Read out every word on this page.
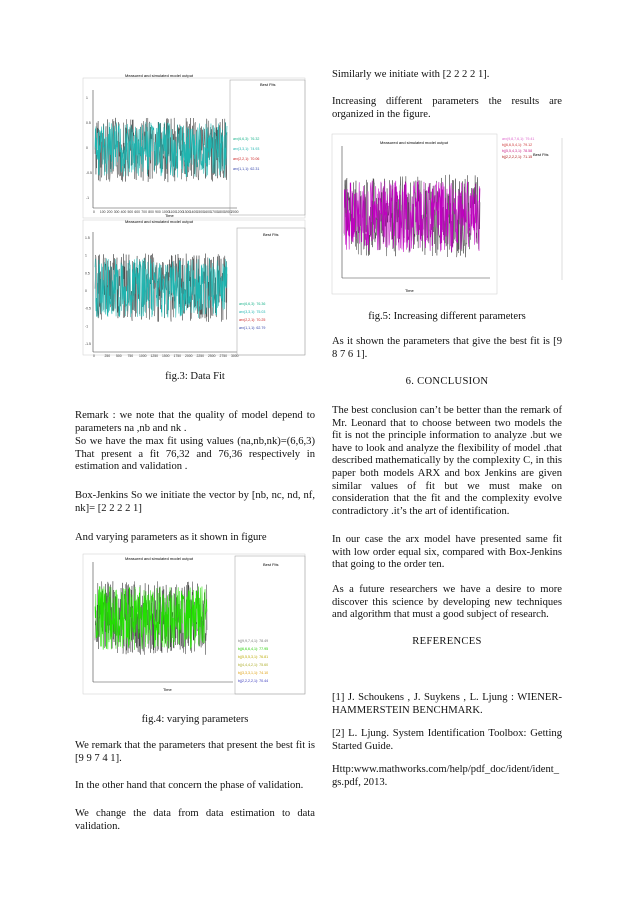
Measured and simulated model output
1
0.5
0
-0.5
-1
0 100 200 300 400 500 600 700 800 900 1000 1100 1200 1300 1400 1500 1600 1700 1800 1900 2000
Time
Best Fits
arx(6,6,3): 76.32
arx(3,3,1): 74.93
arx(2,2,1): 70.06
arx(1,1,1): 62.31
Measured and simulated model output
1.5
1
0.5
0
-0.5
-1
-1.5
0	250 500 750 1000 1250 1500 1750 2000 2250 2500 2750 3000
Best Fits
arx(6,6,3): 76.36
arx(3,3,1): 75.03
arx(2,2,1): 70.25
arx(1,1,1): 62.79
fig.3: Data Fit

Remark : we note that the quality of model depend to parameters na ,nb and nk .

So we have the max fit using values (na,nb,nk)=(6,6,3) That present a fit 76,32 and 76,36 respectively in estimation and validation .

Box-Jenkins So we initiate the vector by [nb, nc, nd, nf, nk]= [2 2 2 2 1]

And varying parameters as it shown in figure

Measured and simulated model output
Time
Best Fits
bj(9,9,7,4,1): 78.49
bj(6,6,6,4,1): 77.95
bj(5,5,5,3,1): 76.81
bj(4,4,4,2,1): 75.60
bj(3,3,3,1,1): 74.10
bj(2,2,2,2,1): 70.44
fig.4: varying parameters

We remark that the parameters that present the best fit is [9 9 7 4 1].

In the other hand that concern the phase of validation.

We change the data from data estimation to data validation.

Similarly we initiate with [2 2 2 2 1].

Increasing different parameters the results are organized in the figure.

Measured and simulated model output
Time
arx(9,8,7,6,1): 79.41
bj(6,6,5,4,1): 79.12
bj(5,5,4,3,1): 78.58
bj(2,2,2,2,1): 71.15 Best Fits
fig.5: Increasing different parameters

As it shown the parameters that give the best fit is [9 8 7 6 1].

6. CONCLUSION

The best conclusion can’t be better than the remark of Mr. Leonard that to choose between two models the fit is not the principle information to analyze .but we have to look and analyze the flexibility of model .that described mathematically by the complexity C, in this paper both models ARX and box Jenkins are given similar values of fit but we must make on consideration that the fit and the complexity evolve contradictory .it’s the art of identification.

In our case the arx model have presented same fit with low order equal six, compared with Box-Jenkins that going to the order ten.

As a future researchers we have a desire to more discover this science by developing new techniques and algorithm that must a good subject of research.

REFERENCES

[1] J. Schoukens , J. Suykens , L. Ljung : WIENER-HAMMERSTEIN BENCHMARK.

[2] L. Ljung. System Identification Toolbox: Getting Started Guide.

Http:www.mathworks.com/help/pdf_doc/ident/ident_gs.pdf, 2013.
